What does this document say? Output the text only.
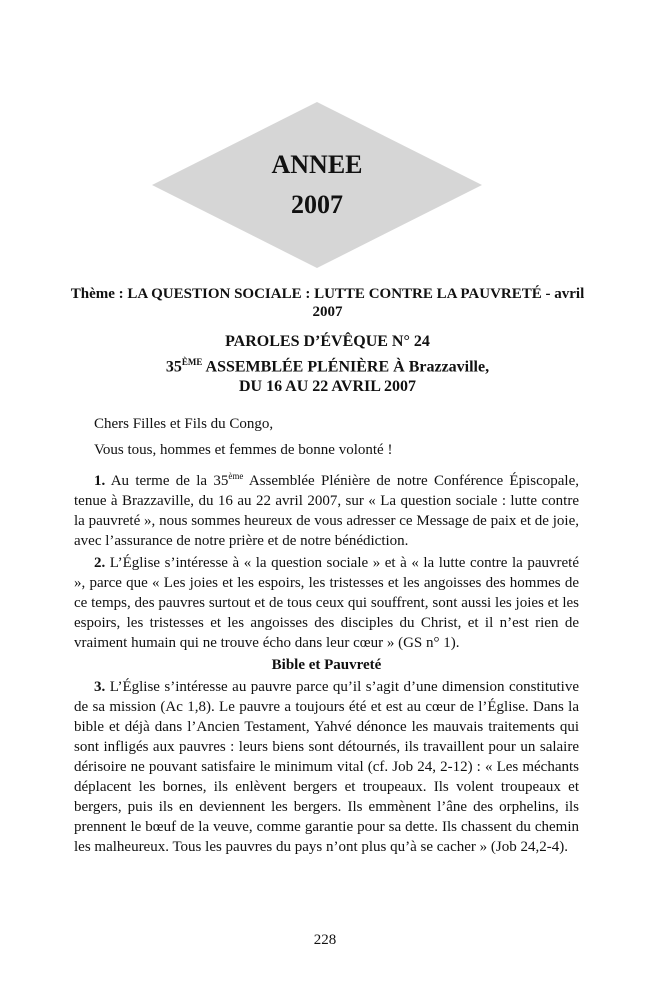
ANNEE
2007
Thème : LA QUESTION SOCIALE : LUTTE CONTRE LA PAUVRETÉ - avril 2007
PAROLES D’ÉVÊQUE N° 24
35ÈME ASSEMBLÉE PLÉNIÈRE À Brazzaville,
DU 16 AU 22 AVRIL 2007

Chers Filles et Fils du Congo,

Vous tous, hommes et femmes de bonne volonté !

1. Au terme de la 35ème Assemblée Plénière de notre Conférence Épiscopale, tenue à Brazzaville, du 16 au 22 avril 2007, sur « La question sociale : lutte contre la pauvreté », nous sommes heureux de vous adresser ce Message de paix et de joie, avec l’assurance de notre prière et de notre bénédiction.

2. L’Église s’intéresse à « la question sociale » et à « la lutte contre la pauvreté », parce que « Les joies et les espoirs, les tristesses et les angoisses des hommes de ce temps, des pauvres surtout et de tous ceux qui souffrent, sont aussi les joies et les espoirs, les tristesses et les angoisses des disciples du Christ, et il n’est rien de vraiment humain qui ne trouve écho dans leur cœur » (GS n° 1).

Bible et Pauvreté

3. L’Église s’intéresse au pauvre parce qu’il s’agit d’une dimension constitutive de sa mission (Ac 1,8). Le pauvre a toujours été et est au cœur de l’Église. Dans la bible et déjà dans l’Ancien Testament, Yahvé dénonce les mauvais traitements qui sont infligés aux pauvres : leurs biens sont détournés, ils travaillent pour un salaire dérisoire ne pouvant satisfaire le minimum vital (cf. Job 24, 2-12) : « Les méchants déplacent les bornes, ils enlèvent bergers et troupeaux. Ils volent troupeaux et bergers, puis ils en deviennent les bergers. Ils emmènent l’âne des orphelins, ils prennent le bœuf de la veuve, comme garantie pour sa dette. Ils chassent du chemin les malheureux. Tous les pauvres du pays n’ont plus qu’à se cacher » (Job 24,2-4).

228
